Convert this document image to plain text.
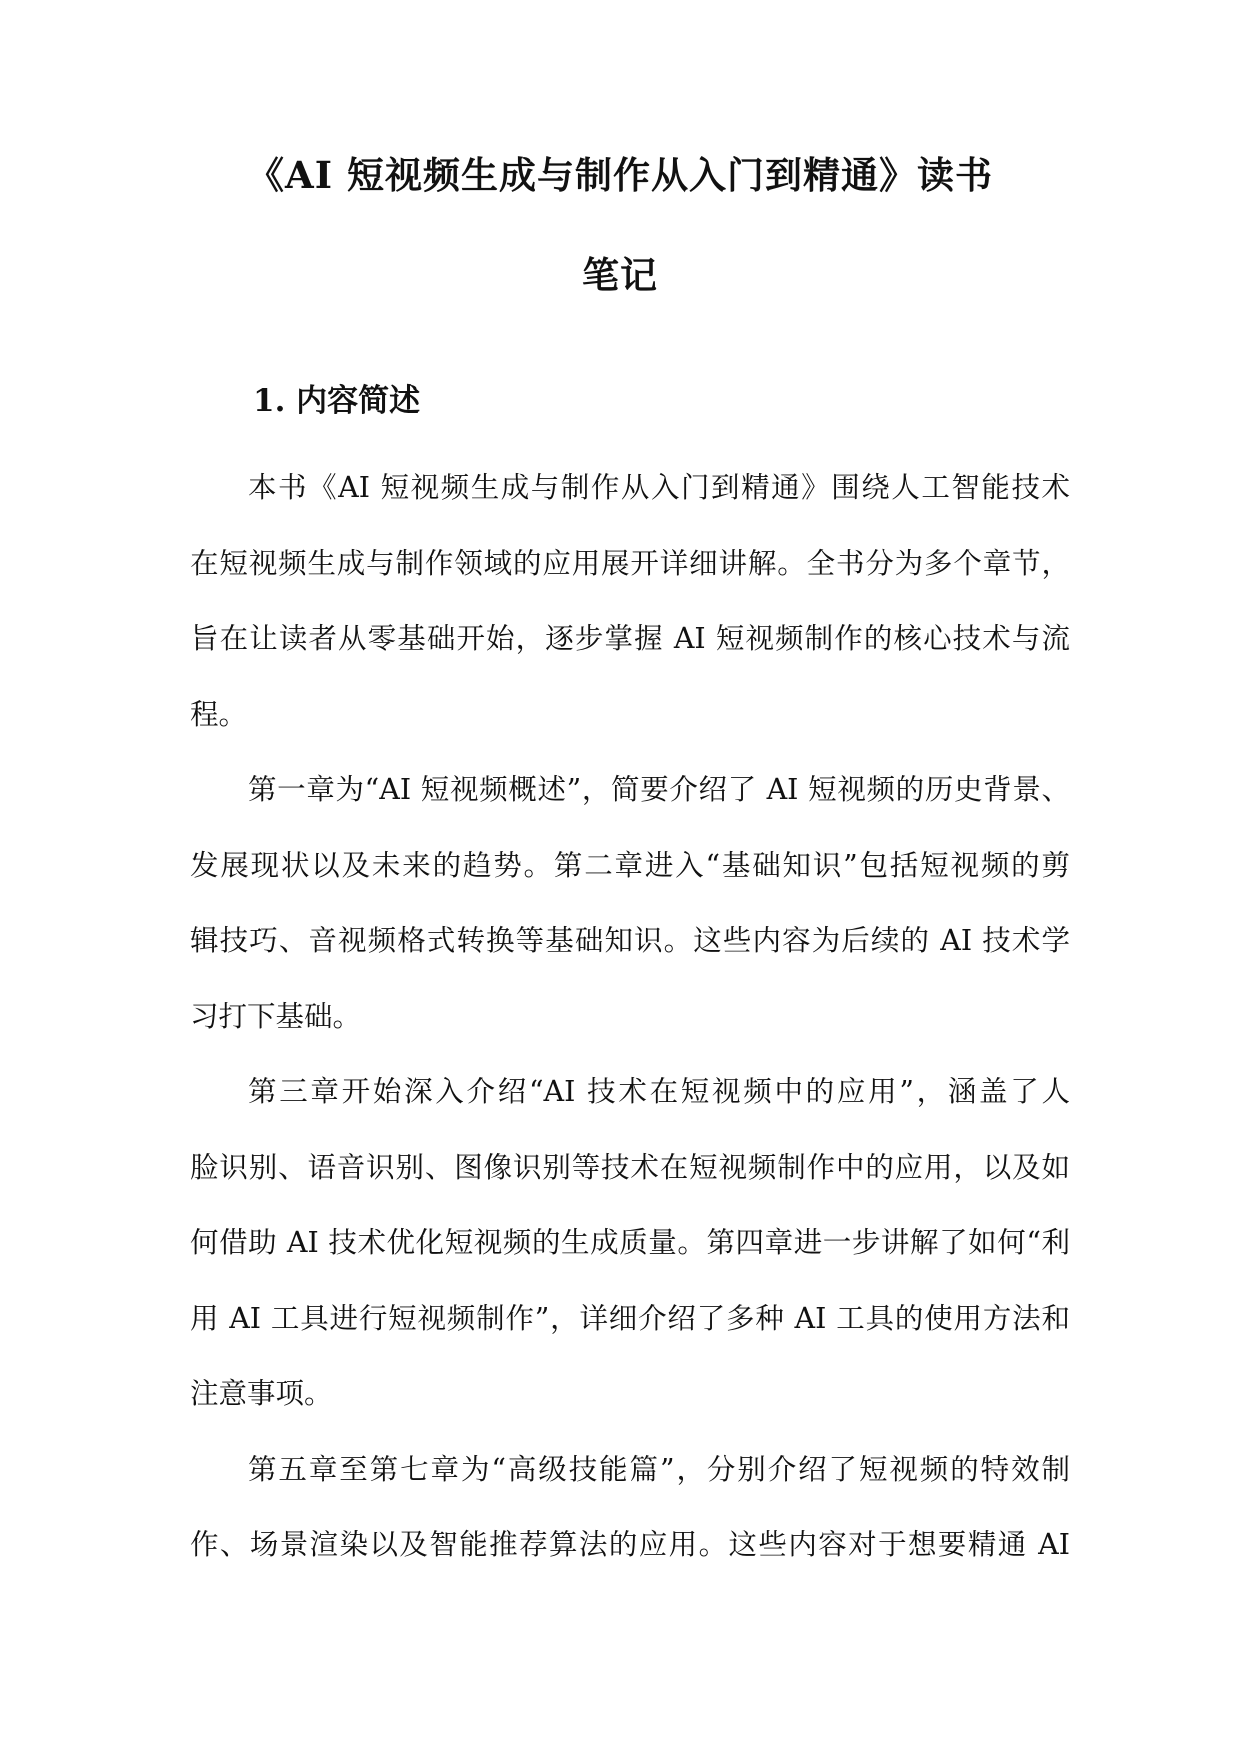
《AI 短视频生成与制作从入门到精通》读书
笔记
1. 内容简述
本书《AI 短视频生成与制作从入门到精通》围绕人工智能技术
在短视频生成与制作领域的应用展开详细讲解。全书分为多个章节，
旨在让读者从零基础开始，逐步掌握 AI 短视频制作的核心技术与流
程。
第一章为“AI 短视频概述”，简要介绍了 AI 短视频的历史背景、
发展现状以及未来的趋势。第二章进入“基础知识”包括短视频的剪
辑技巧、音视频格式转换等基础知识。这些内容为后续的 AI 技术学
习打下基础。
第三章开始深入介绍“AI 技术在短视频中的应用”，涵盖了人
脸识别、语音识别、图像识别等技术在短视频制作中的应用，以及如
何借助 AI 技术优化短视频的生成质量。第四章进一步讲解了如何“利
用 AI 工具进行短视频制作”，详细介绍了多种 AI 工具的使用方法和
注意事项。
第五章至第七章为“高级技能篇”，分别介绍了短视频的特效制
作、场景渲染以及智能推荐算法的应用。这些内容对于想要精通 AI
